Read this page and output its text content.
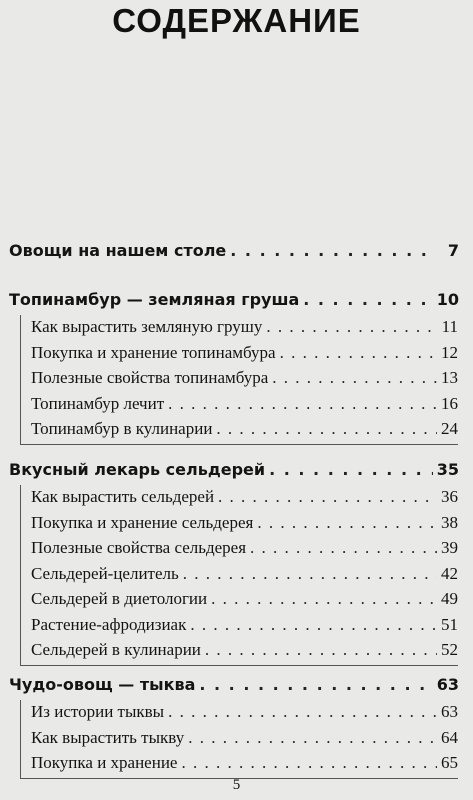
СОДЕРЖАНИЕ
Овощи на нашем столе . . .	7
Топинамбур — земляная груша . . .	10
Как вырастить земляную грушу . . .	11
Покупка и хранение топинамбура . . .	12
Полезные свойства топинамбура . . .	13
Топинамбур лечит . . .	16
Топинамбур в кулинарии . . .	24
Вкусный лекарь сельдерей . . .	35
Как вырастить сельдерей . . .	36
Покупка и хранение сельдерея . . .	38
Полезные свойства сельдерея . . .	39
Сельдерей-целитель . . .	42
Сельдерей в диетологии . . .	49
Растение-афродизиак . . .	51
Сельдерей в кулинарии . . .	52
Чудо-овощ — тыква . . .	63
Из истории тыквы . . .	63
Как вырастить тыкву . . .	64
Покупка и хранение . . .	65
5
